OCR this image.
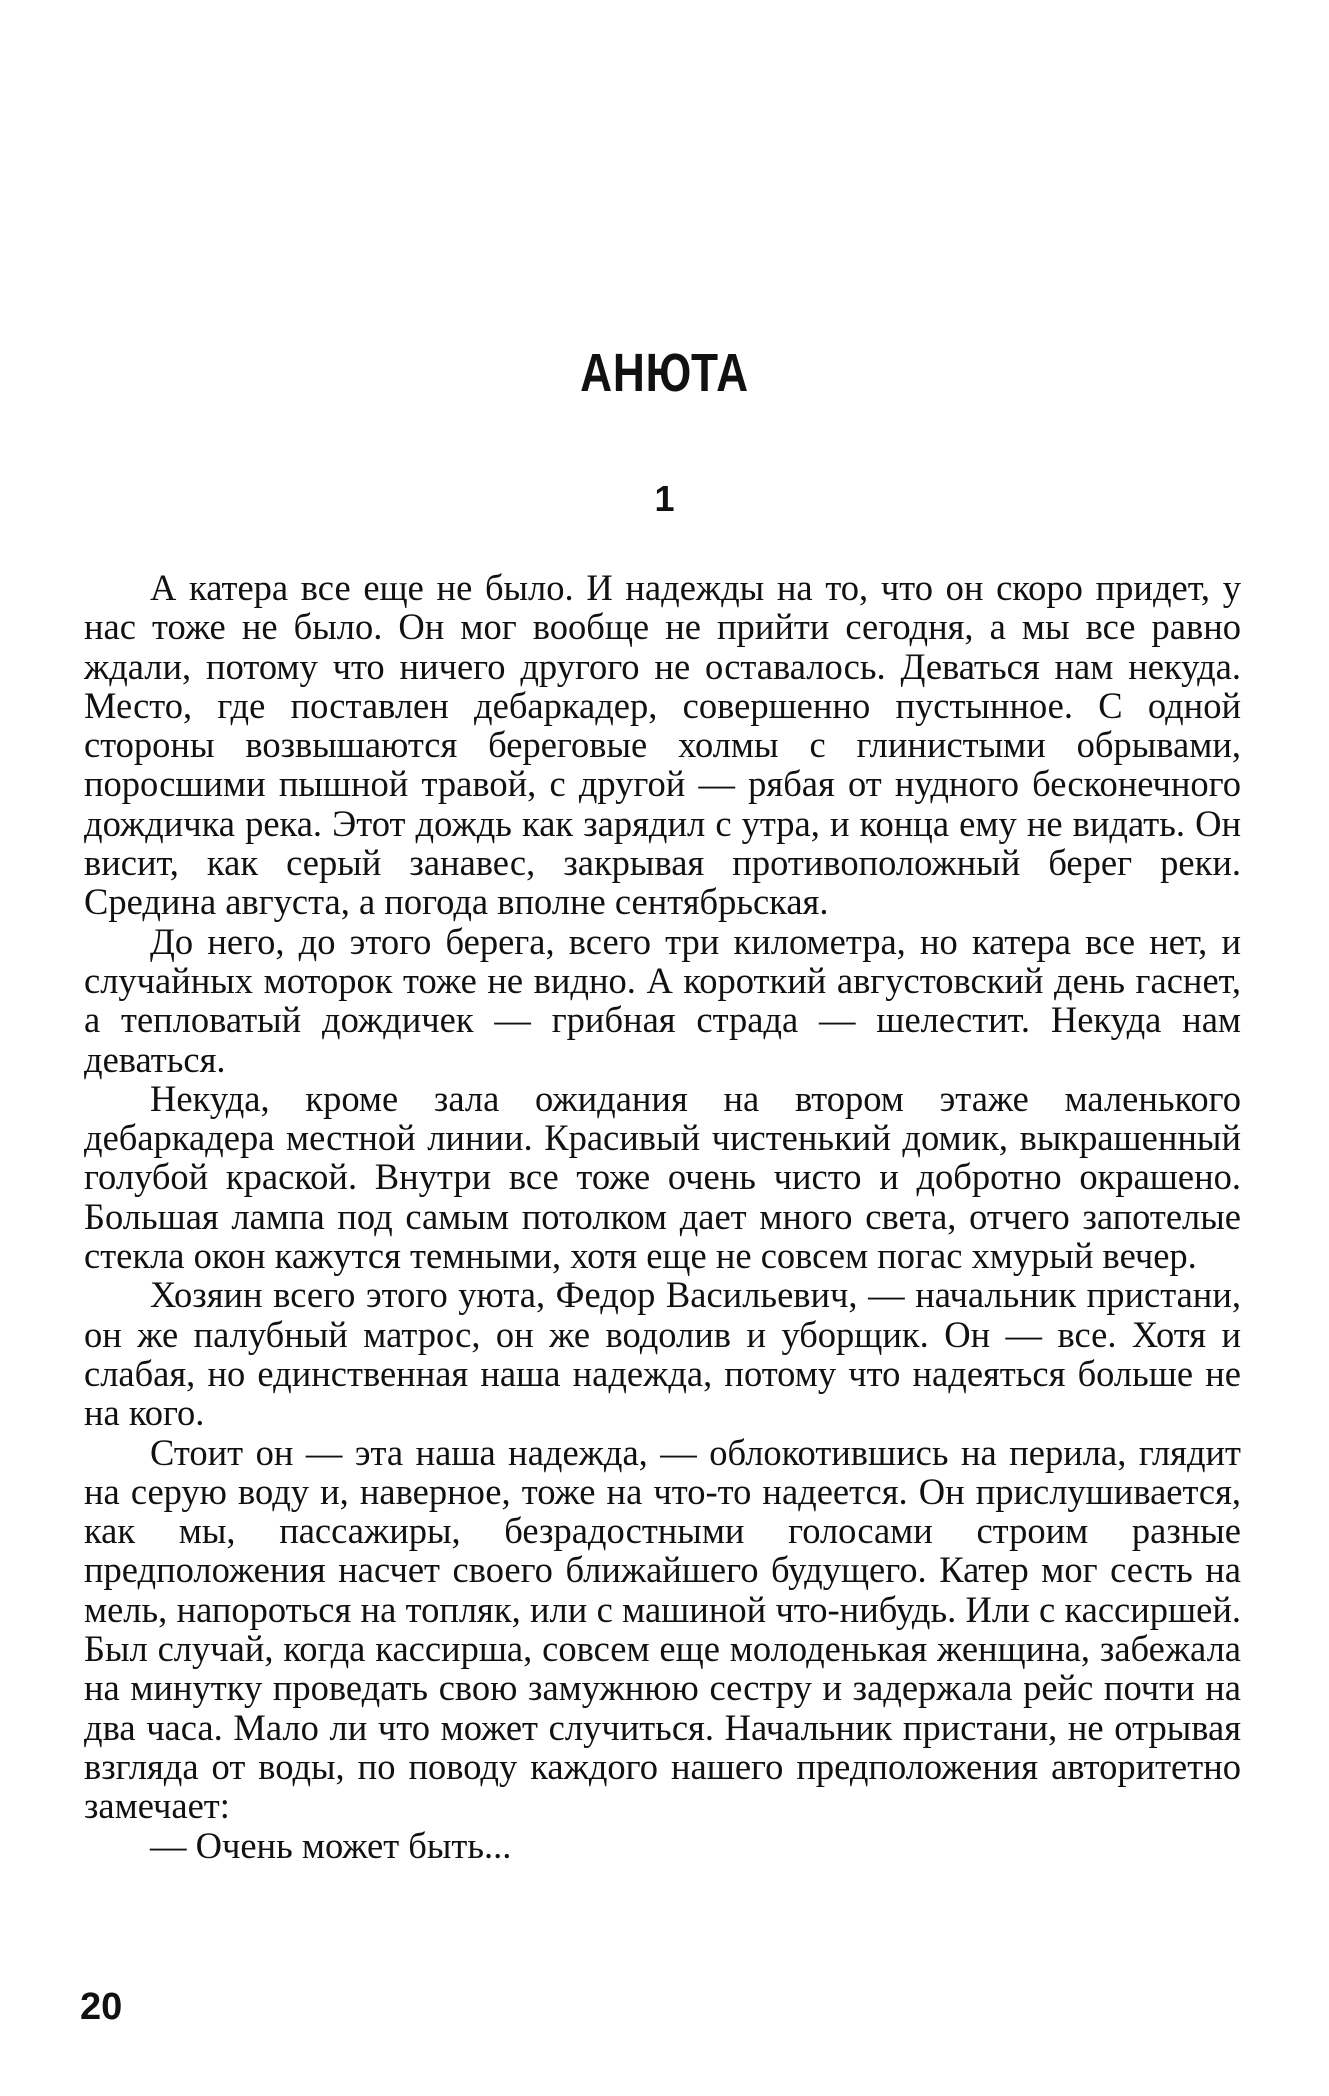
АНЮТА
1

А катера все еще не было. И надежды на то, что он скоро придет, у нас тоже не было. Он мог вообще не прийти сегодня, а мы все равно ждали, потому что ничего другого не оставалось. Деваться нам некуда. Место, где поставлен дебаркадер, совершенно пустынное. С одной стороны возвышаются береговые холмы с глинистыми обрывами, поросшими пышной травой, с другой — рябая от нудного бесконечного дождичка река. Этот дождь как зарядил с утра, и конца ему не видать. Он висит, как серый занавес, закрывая противоположный берег реки. Средина августа, а погода вполне сентябрьская.

До него, до этого берега, всего три километра, но катера все нет, и случайных моторок тоже не видно. А короткий августовский день гаснет, а тепловатый дождичек — грибная страда — шелестит. Некуда нам деваться.

Некуда, кроме зала ожидания на втором этаже маленького дебаркадера местной линии. Красивый чистенький домик, выкрашенный голубой краской. Внутри все тоже очень чисто и добротно окрашено. Большая лампа под самым потолком дает много света, отчего запотелые стекла окон кажутся темными, хотя еще не совсем погас хмурый вечер.

Хозяин всего этого уюта, Федор Васильевич, — начальник пристани, он же палубный матрос, он же водолив и уборщик. Он — все. Хотя и слабая, но единственная наша надежда, потому что надеяться больше не на кого.

Стоит он — эта наша надежда, — облокотившись на перила, глядит на серую воду и, наверное, тоже на что-то надеется. Он прислушивается, как мы, пассажиры, безрадостными голосами строим разные предположения насчет своего ближайшего будущего. Катер мог сесть на мель, напороться на топляк, или с машиной что-нибудь. Или с кассиршей. Был случай, когда кассирша, совсем еще молоденькая женщина, забежала на минутку проведать свою замужнюю сестру и задержала рейс почти на два часа. Мало ли что может случиться. Начальник пристани, не отрывая взгляда от воды, по поводу каждого нашего предположения авторитетно замечает:

— Очень может быть...

20
